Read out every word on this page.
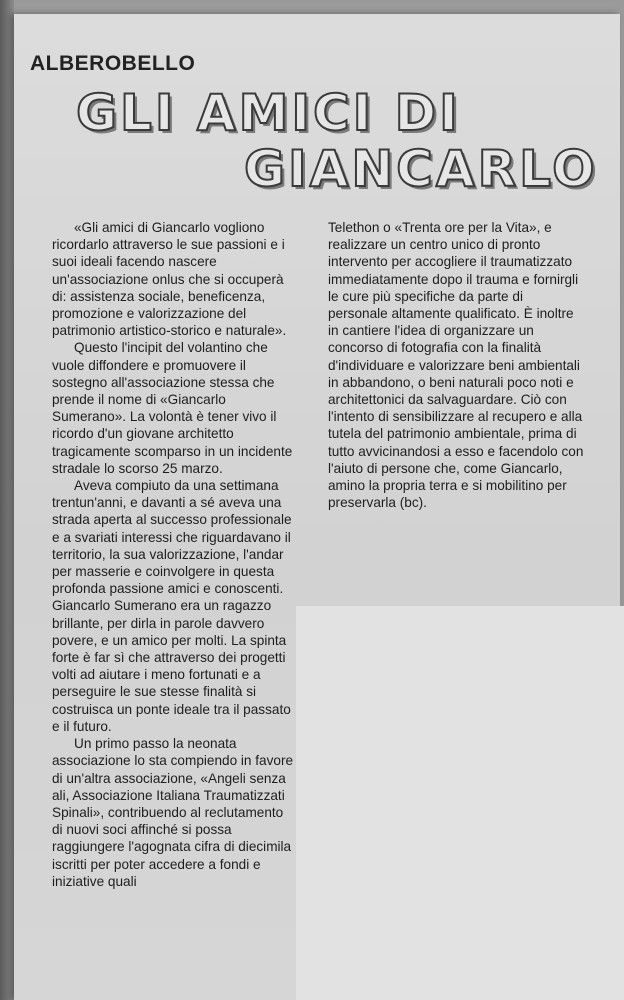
ALBEROBELLO
GLI AMICI DI
GIANCARLO

«Gli amici di Giancarlo vogliono ricordarlo attraverso le sue passioni e i suoi ideali facendo nascere un'associazione onlus che si occuperà di: assistenza sociale, beneficenza, promozione e valorizzazione del patrimonio artistico-storico e naturale».

Questo l'incipit del volantino che vuole diffondere e promuovere il sostegno all'associazione stessa che prende il nome di «Giancarlo Sumerano». La volontà è tener vivo il ricordo d'un giovane architetto tragicamente scomparso in un incidente stradale lo scorso 25 marzo.

Aveva compiuto da una settimana trentun'anni, e davanti a sé aveva una strada aperta al successo professionale e a svariati interessi che riguardavano il territorio, la sua valorizzazione, l'andar per masserie e coinvolgere in questa profonda passione amici e conoscenti. Giancarlo Sumerano era un ragazzo brillante, per dirla in parole davvero povere, e un amico per molti. La spinta forte è far sì che attraverso dei progetti volti ad aiutare i meno fortunati e a perseguire le sue stesse finalità si costruisca un ponte ideale tra il passato e il futuro.

Un primo passo la neonata associazione lo sta compiendo in favore di un'altra associazione, «Angeli senza ali, Associazione Italiana Traumatizzati Spinali», contribuendo al reclutamento di nuovi soci affinché si possa raggiungere l'agognata cifra di diecimila iscritti per poter accedere a fondi e iniziative quali

Telethon o «Trenta ore per la Vita», e realizzare un centro unico di pronto intervento per accogliere il traumatizzato immediatamente dopo il trauma e fornirgli le cure più specifiche da parte di personale altamente qualificato. È inoltre in cantiere l'idea di organizzare un concorso di fotografia con la finalità d'individuare e valorizzare beni ambientali in abbandono, o beni naturali poco noti e architettonici da salvaguardare. Ciò con l'intento di sensibilizzare al recupero e alla tutela del patrimonio ambientale, prima di tutto avvicinandosi a esso e facendolo con l'aiuto di persone che, come Giancarlo, amino la propria terra e si mobilitino per preservarla (bc).
